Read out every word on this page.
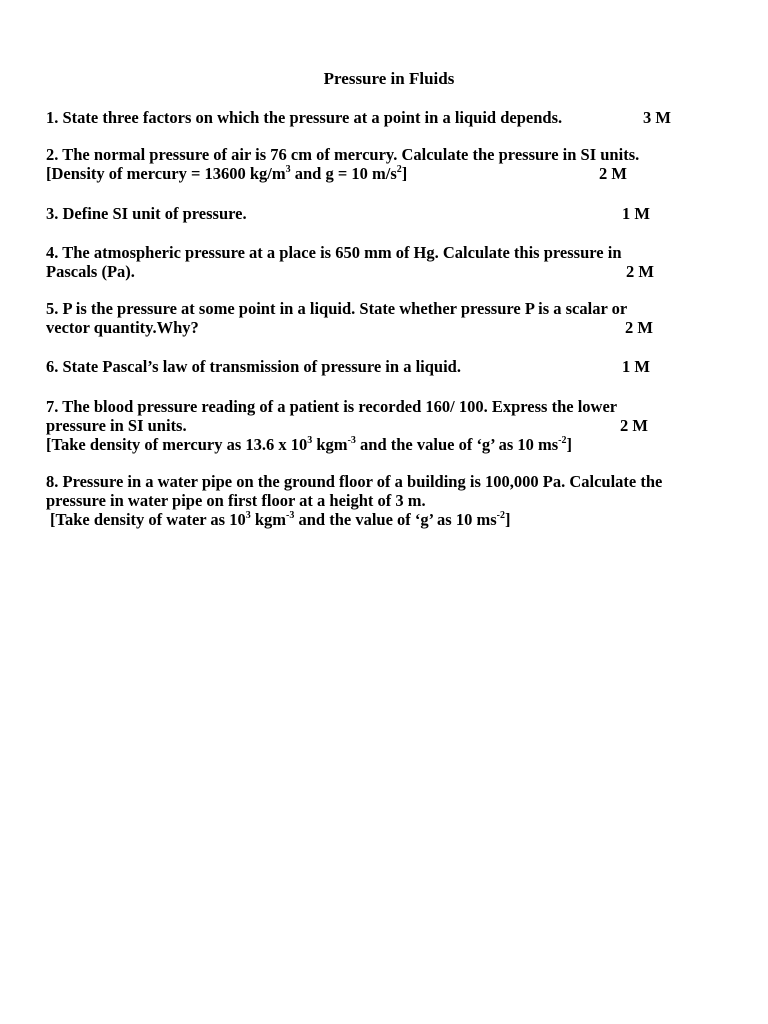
Pressure in Fluids
1. State three factors on which the pressure at a point in a liquid depends.	3 M
2. The normal pressure of air is 76 cm of mercury. Calculate the pressure in SI units.
[Density of mercury = 13600 $kg/m^3$ and g = 10 $m/s^2$]	2 M
3. Define SI unit of pressure.	1 M
4. The atmospheric pressure at a place is 650 mm of Hg. Calculate this pressure in
Pascals (Pa).	2 M
5. P is the pressure at some point in a liquid. State whether pressure P is a scalar or
vector quantity.Why?	2 M
6. State Pascal’s law of transmission of pressure in a liquid.	1 M
7. The blood pressure reading of a patient is recorded 160/ 100. Express the lower
pressure in SI units.	2 M
[Take density of mercury as 13.6 x $10^3$ kgm$^{-3}$ and the value of ‘g’ as 10 $ms^{-2}$]
8. Pressure in a water pipe on the ground floor of a building is 100,000 Pa. Calculate the
pressure in water pipe on first floor at a height of 3 m.
[Take density of water as $10^3$ kgm$^{-3}$ and the value of ‘g’ as 10 $ms^{-2}$]
